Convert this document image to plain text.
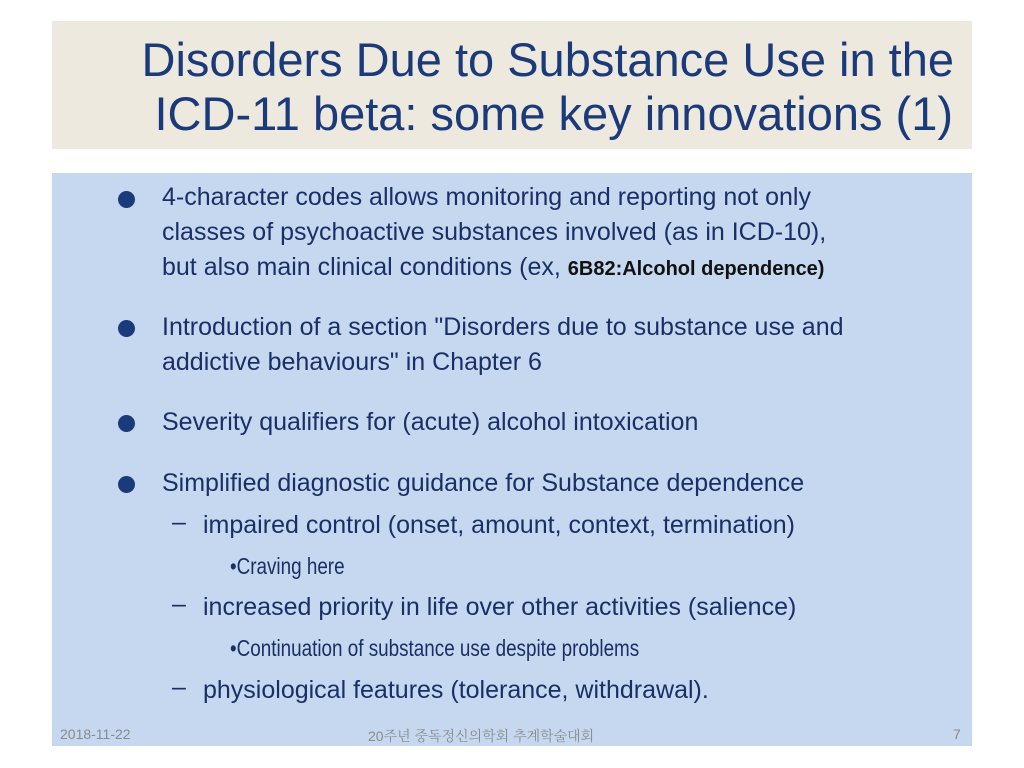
Disorders Due to Substance Use in the
ICD-11 beta: some key innovations (1)
4-character codes allows monitoring and reporting not only
classes of psychoactive substances involved (as in ICD-10),
but also main clinical conditions (ex, 6B82:Alcohol dependence)
Introduction of a section "Disorders due to substance use and
addictive behaviours" in Chapter 6
Severity qualifiers for (acute) alcohol intoxication
Simplified diagnostic guidance for Substance dependence
– impaired control (onset, amount, context, termination)
•Craving here
– increased priority in life over other activities (salience)
•Continuation of substance use despite problems
– physiological features (tolerance, withdrawal).
2018-11-22	20주년 중독정신의학회 추계학술대회	7
